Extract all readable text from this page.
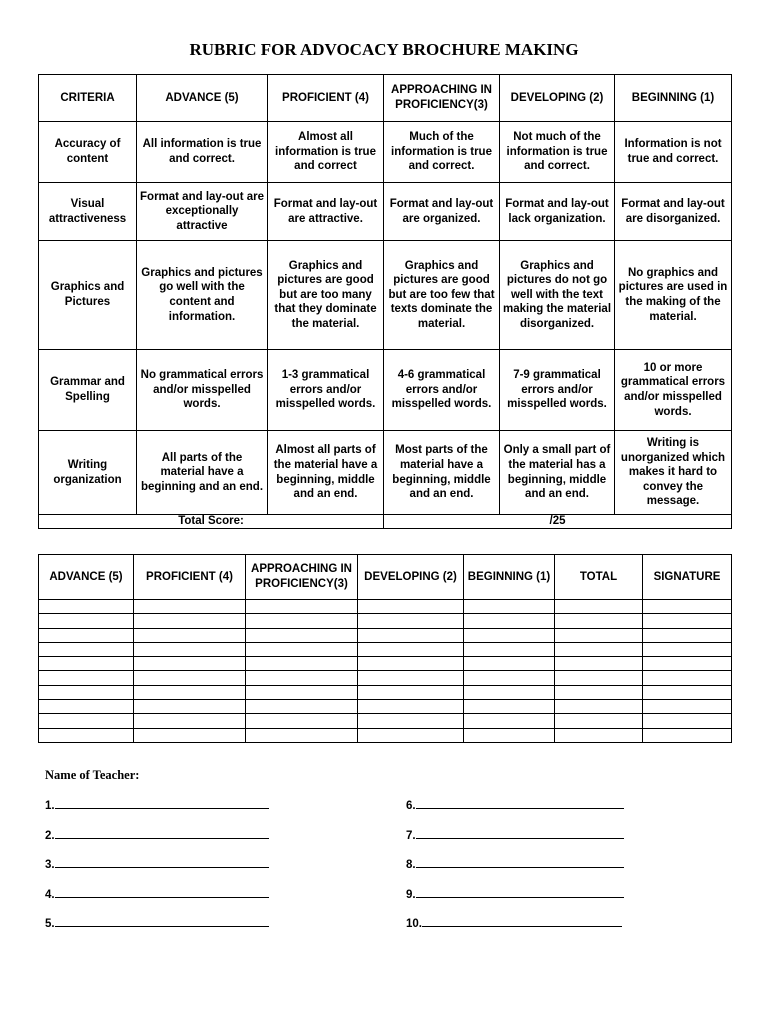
RUBRIC FOR ADVOCACY BROCHURE MAKING
CRITERIA	ADVANCE (5)	PROFICIENT (4)	APPROACHING IN PROFICIENCY(3)	DEVELOPING (2)	BEGINNING (1)
Accuracy of content	All information is true and correct.	Almost all information is true and correct	Much of the information is true and correct.	Not much of the information is true and correct.	Information is not true and correct.
Visual attractiveness	Format and lay-out are exceptionally attractive	Format and lay-out are attractive.	Format and lay-out are organized.	Format and lay-out lack organization.	Format and lay-out are disorganized.
Graphics and Pictures	Graphics and pictures go well with the content and information.	Graphics and pictures are good but are too many that they dominate the material.	Graphics and pictures are good but are too few that texts dominate the material.	Graphics and pictures do not go well with the text making the material disorganized.	No graphics and pictures are used in the making of the material.
Grammar and Spelling	No grammatical errors and/or misspelled words.	1-3 grammatical errors and/or misspelled words.	4-6 grammatical errors and/or misspelled words.	7-9 grammatical errors and/or misspelled words.	10 or more grammatical errors and/or misspelled words.
Writing organization	All parts of the material have a beginning and an end.	Almost all parts of the material have a beginning, middle and an end.	Most parts of the material have a beginning, middle and an end.	Only a small part of the material has a beginning, middle and an end.	Writing is unorganized which makes it hard to convey the message.
Total Score:			/25		
ADVANCE (5)	PROFICIENT (4)	APPROACHING IN PROFICIENCY(3)	DEVELOPING (2)	BEGINNING (1)	TOTAL	SIGNATURE

Name of Teacher:
1.
2.
3.
4.
5.
6.
7.
8.
9.
10.
